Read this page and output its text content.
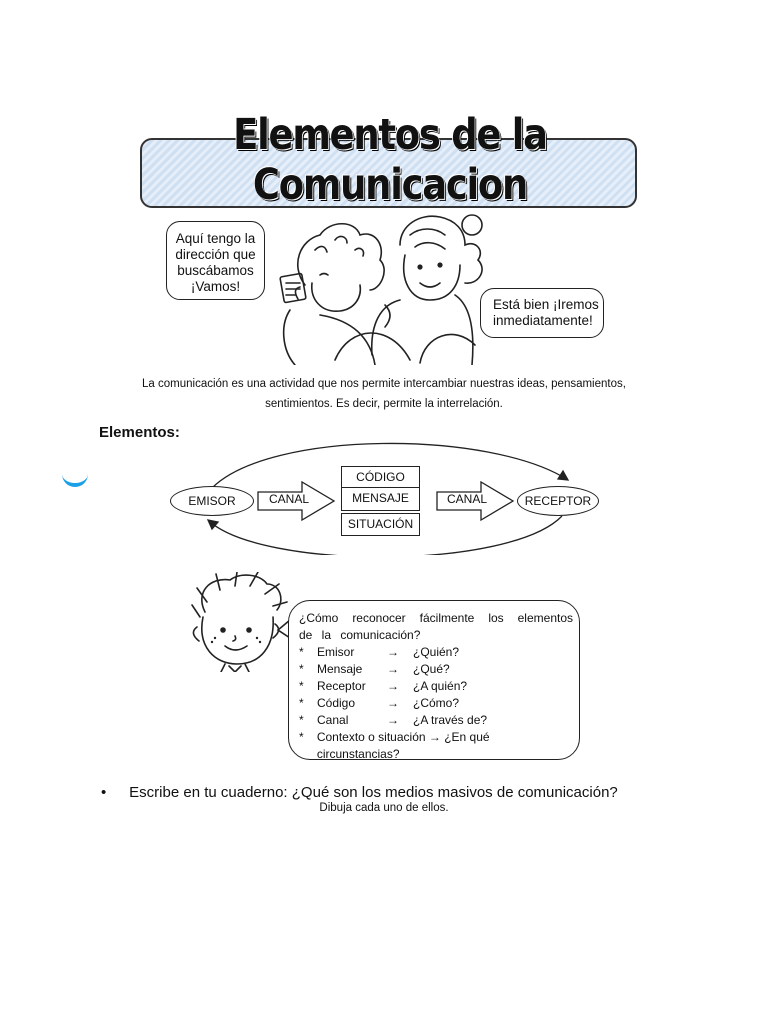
Elementos de la Comunicacion
Aquí tengo la
dirección que
buscábamos
¡Vamos!
Está bien ¡Iremos
inmediatamente!
La comunicación es una actividad que nos permite intercambiar nuestras ideas, pensamientos,
sentimientos. Es decir, permite la interrelación.
Elementos:
EMISOR	CANAL
CÓDIGO
MENSAJE
SITUACIÓN
CANAL	RECEPTOR
¿Cómo reconocer fácilmente los elementos de la comunicación?
*	Emisor	→	¿Quién?
*	Mensaje	→	¿Qué?
*	Receptor	→	¿A quién?
*	Código	→	¿Cómo?
*	Canal	→	¿A través de?
*	Contexto o situación → ¿En qué circunstancias?
• Escribe en tu cuaderno: ¿Qué son los medios masivos de comunicación?
Dibuja cada uno de ellos.
